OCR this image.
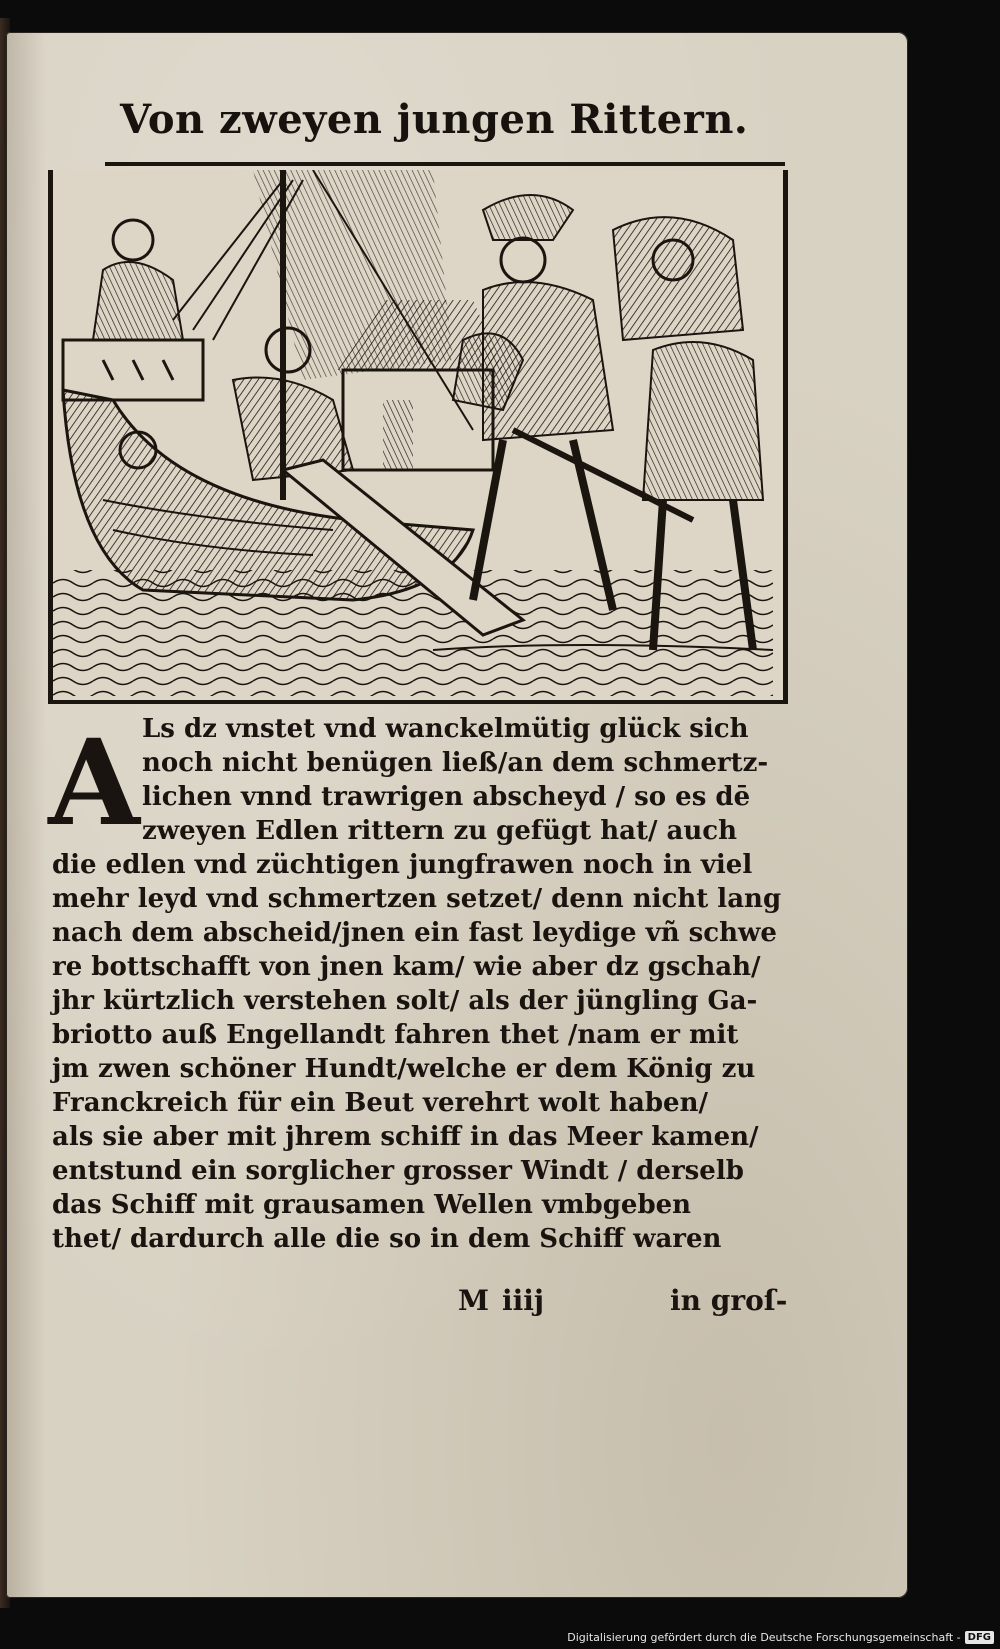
Von zweyen jungen Rittern.
A Ls dz vnstet vnd wanckelmütig glück sich
noch nicht benügen ließ/an dem schmertz-
lichen vnnd trawrigen abscheyd / so es dē
zweyen Edlen rittern zu gefügt hat/ auch
die edlen vnd züchtigen jungfrawen noch in viel
mehr leyd vnd schmertzen setzet/ denn nicht lang
nach dem abscheid/jnen ein fast leydige vñ schwe
re bottschafft von jnen kam/ wie aber dz gschah/
jhr kürtzlich verstehen solt/ als der jüngling Ga-
briotto auß Engellandt fahren thet /nam er mit
jm zwen schöner Hundt/welche er dem König zu
Franckreich für ein Beut verehrt wolt haben/
als sie aber mit jhrem schiff in das Meer kamen/
entstund ein sorglicher grosser Windt / derselb
das Schiff mit grausamen Wellen vmbgeben
thet/ dardurch alle die so in dem Schiff waren
M iiij	in groſ-
Digitalisierung gefördert durch die Deutsche Forschungsgemeinschaft - DFG
